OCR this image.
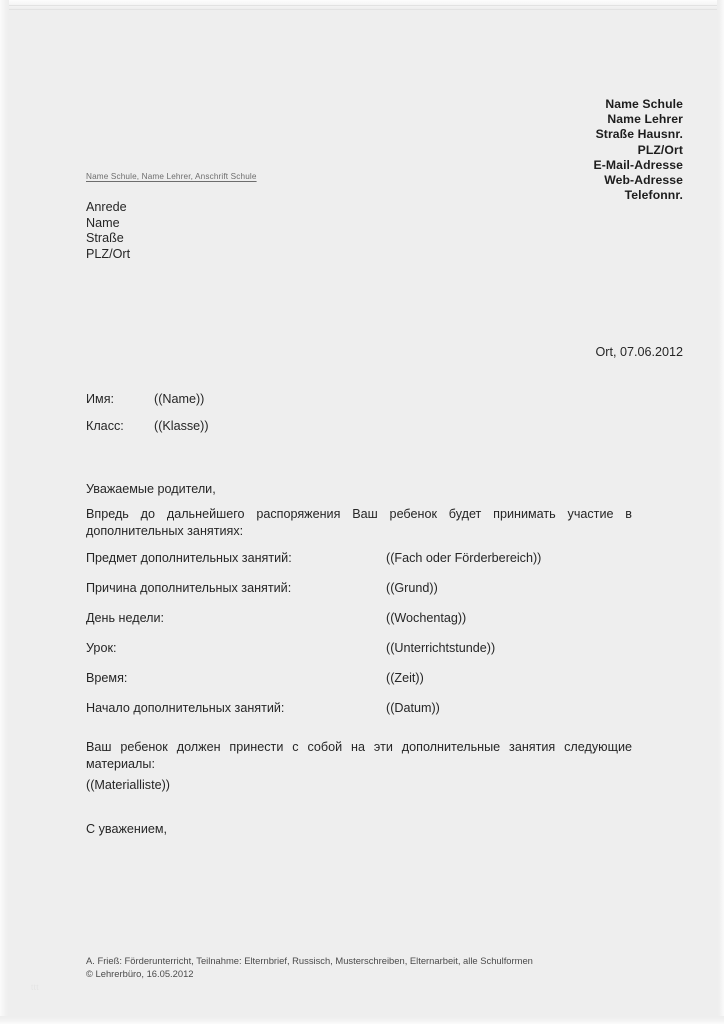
Name Schule
Name Lehrer
Straße Hausnr.
PLZ/Ort
E-Mail-Adresse
Web-Adresse
Telefonnr.
Name Schule, Name Lehrer, Anschrift Schule
Anrede
Name
Straße
PLZ/Ort
Ort, 07.06.2012
Имя:	((Name))
Класс:	((Klasse))
Уважаемые родители,
Впредь до дальнейшего распоряжения Ваш ребенок будет принимать участие в дополнительных занятиях:
Предмет дополнительных занятий:	((Fach oder Förderbereich))
Причина дополнительных занятий:	((Grund))
День недели:	((Wochentag))
Урок:	((Unterrichtstunde))
Время:	((Zeit))
Начало дополнительных занятий:	((Datum))
Ваш ребенок должен принести с собой на эти дополнительные занятия следующие материалы:
((Materialliste))
С уважением,
A. Frieß: Förderunterricht, Teilnahme: Elternbrief, Russisch, Musterschreiben, Elternarbeit, alle Schulformen
© Lehrerbüro, 16.05.2012
ttt
